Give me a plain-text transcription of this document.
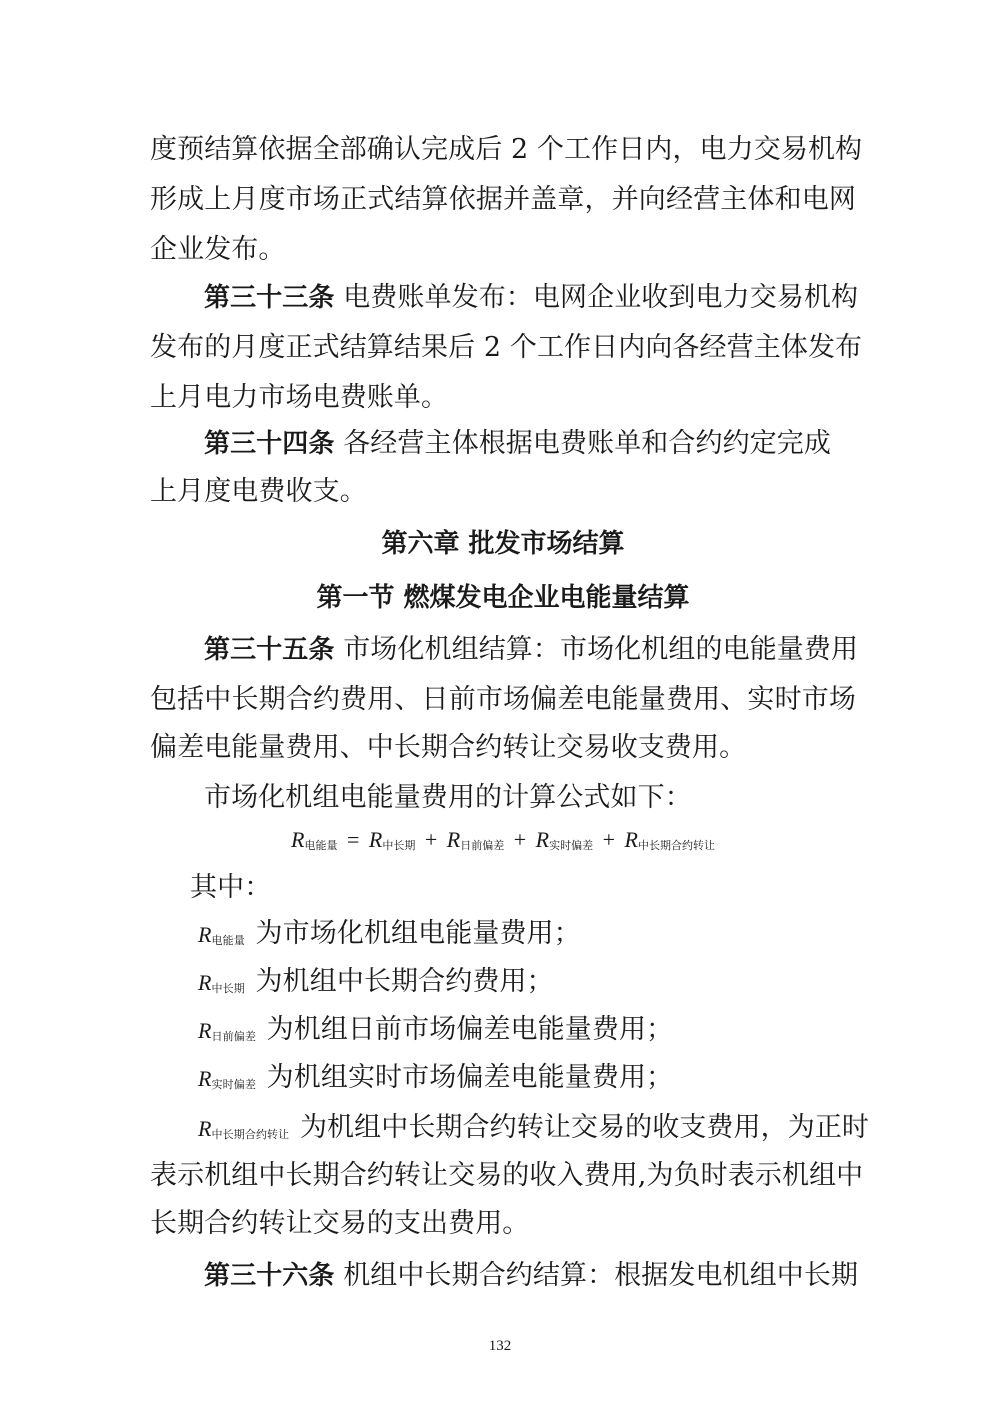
度预结算依据全部确认完成后 2 个工作日内，电力交易机构
形成上月度市场正式结算依据并盖章，并向经营主体和电网
企业发布。
第三十三条 电费账单发布：电网企业收到电力交易机构
发布的月度正式结算结果后 2 个工作日内向各经营主体发布
上月电力市场电费账单。
第三十四条 各经营主体根据电费账单和合约约定完成
上月度电费收支。
第六章 批发市场结算
第一节 燃煤发电企业电能量结算
第三十五条 市场化机组结算：市场化机组的电能量费用
包括中长期合约费用、日前市场偏差电能量费用、实时市场
偏差电能量费用、中长期合约转让交易收支费用。
市场化机组电能量费用的计算公式如下：
$R_{电能量} = R_{中长期} + R_{日前偏差} + R_{实时偏差} + R_{中长期合约转让}$
其中：
$R_{电能量}$ 为市场化机组电能量费用；
$R_{中长期}$ 为机组中长期合约费用；
$R_{日前偏差}$ 为机组日前市场偏差电能量费用；
$R_{实时偏差}$ 为机组实时市场偏差电能量费用；
$R_{中长期合约转让}$ 为机组中长期合约转让交易的收支费用，为正时
表示机组中长期合约转让交易的收入费用,为负时表示机组中
长期合约转让交易的支出费用。
第三十六条 机组中长期合约结算：根据发电机组中长期
132
